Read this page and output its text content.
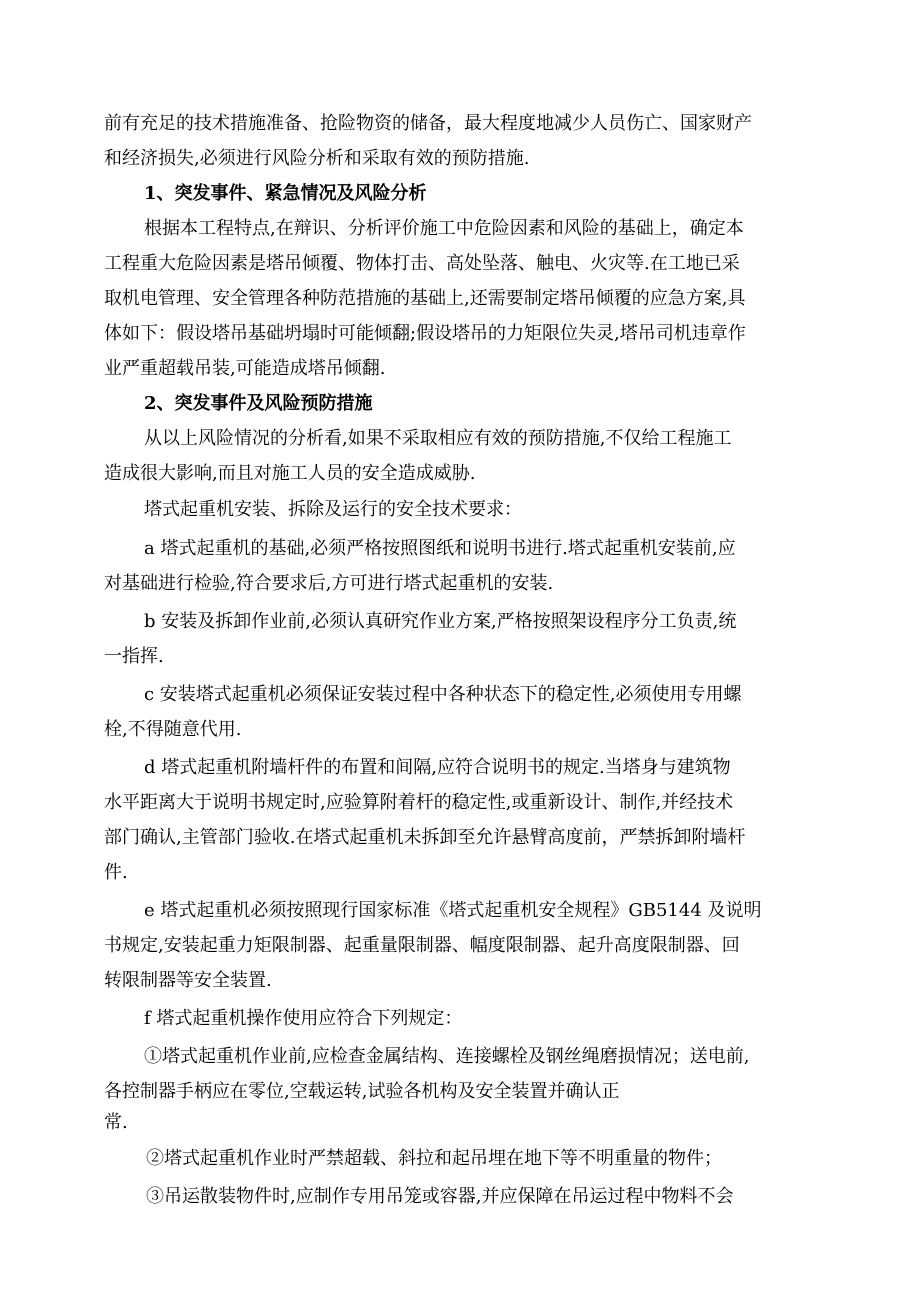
前有充足的技术措施准备、抢险物资的储备，最大程度地减少人员伤亡、国家财产
和经济损失,必须进行风险分析和采取有效的预防措施.
1、突发事件、紧急情况及风险分析
根据本工程特点,在辩识、分析评价施工中危险因素和风险的基础上，确定本
工程重大危险因素是塔吊倾覆、物体打击、高处坠落、触电、火灾等.在工地已采
取机电管理、安全管理各种防范措施的基础上,还需要制定塔吊倾覆的应急方案,具
体如下：假设塔吊基础坍塌时可能倾翻;假设塔吊的力矩限位失灵,塔吊司机违章作
业严重超载吊装,可能造成塔吊倾翻.
2、突发事件及风险预防措施
从以上风险情况的分析看,如果不采取相应有效的预防措施,不仅给工程施工
造成很大影响,而且对施工人员的安全造成威胁.
塔式起重机安装、拆除及运行的安全技术要求：
a 塔式起重机的基础,必须严格按照图纸和说明书进行.塔式起重机安装前,应
对基础进行检验,符合要求后,方可进行塔式起重机的安装.
b 安装及拆卸作业前,必须认真研究作业方案,严格按照架设程序分工负责,统
一指挥.
c 安装塔式起重机必须保证安装过程中各种状态下的稳定性,必须使用专用螺
栓,不得随意代用.
d 塔式起重机附墙杆件的布置和间隔,应符合说明书的规定.当塔身与建筑物
水平距离大于说明书规定时,应验算附着杆的稳定性,或重新设计、制作,并经技术
部门确认,主管部门验收.在塔式起重机未拆卸至允许悬臂高度前，严禁拆卸附墙杆
件.
e 塔式起重机必须按照现行国家标准《塔式起重机安全规程》GB5144 及说明
书规定,安装起重力矩限制器、起重量限制器、幅度限制器、起升高度限制器、回
转限制器等安全装置.
f 塔式起重机操作使用应符合下列规定：
①塔式起重机作业前,应检查金属结构、连接螺栓及钢丝绳磨损情况；送电前,
各控制器手柄应在零位,空载运转,试验各机构及安全装置并确认正
常.
②塔式起重机作业时严禁超载、斜拉和起吊埋在地下等不明重量的物件；
③吊运散装物件时,应制作专用吊笼或容器,并应保障在吊运过程中物料不会
